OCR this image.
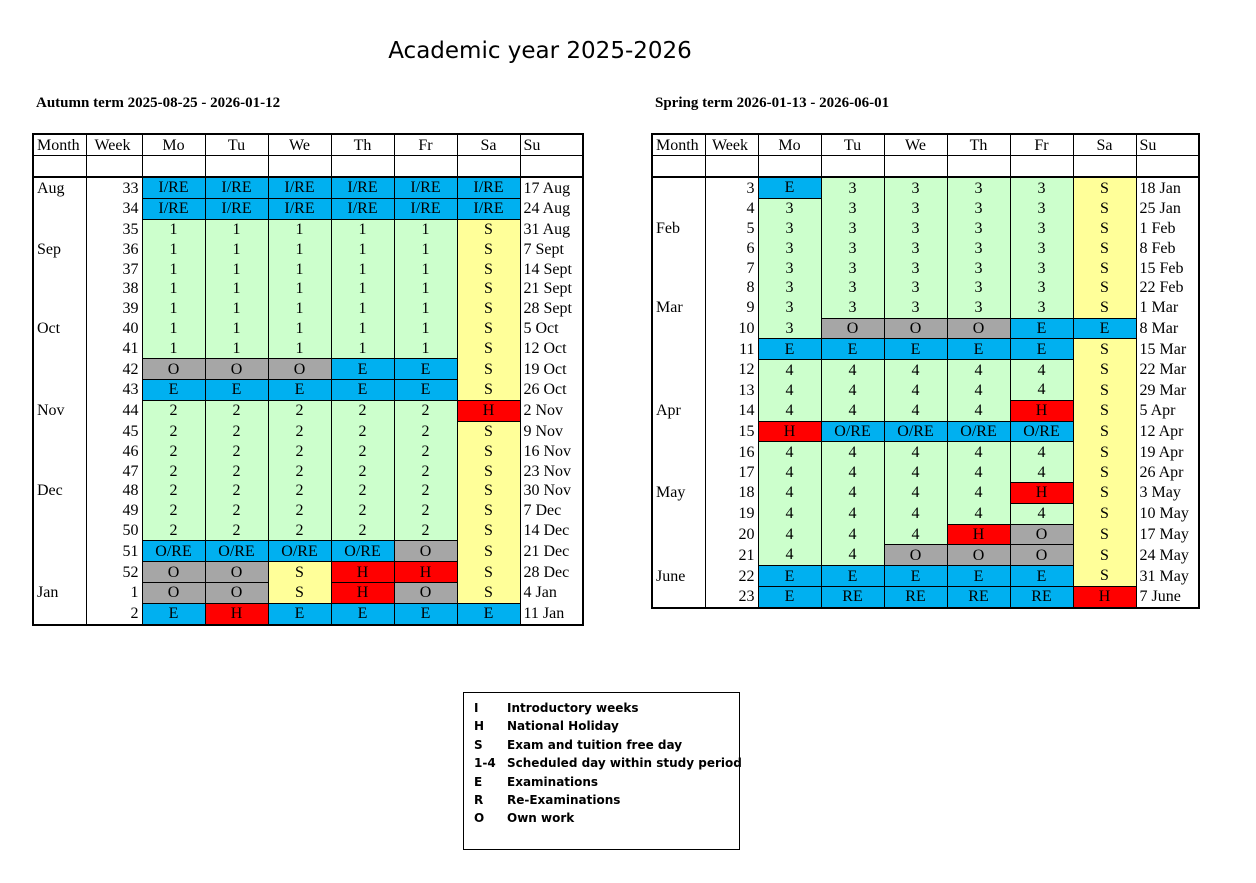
Academic year 2025-2026
Autumn term 2025-08-25 - 2026-01-12	Spring term 2026-01-13 - 2026-06-01
Month	Week	Mo	Tu	We	Th	Fr	Sa	Su

Aug	33	I/RE	I/RE	I/RE	I/RE	I/RE	I/RE	17 Aug
	34	I/RE	I/RE	I/RE	I/RE	I/RE	I/RE	24 Aug
	35	1	1	1	1	1	S	31 Aug
Sep	36	1	1	1	1	1	S	7 Sept
	37	1	1	1	1	1	S	14 Sept
	38	1	1	1	1	1	S	21 Sept
	39	1	1	1	1	1	S	28 Sept
Oct	40	1	1	1	1	1	S	5 Oct
	41	1	1	1	1	1	S	12 Oct
	42	O	O	O	E	E	S	19 Oct
	43	E	E	E	E	E	S	26 Oct
Nov	44	2	2	2	2	2	H	2 Nov
	45	2	2	2	2	2	S	9 Nov
	46	2	2	2	2	2	S	16 Nov
	47	2	2	2	2	2	S	23 Nov
Dec	48	2	2	2	2	2	S	30 Nov
	49	2	2	2	2	2	S	7 Dec
	50	2	2	2	2	2	S	14 Dec
	51	O/RE	O/RE	O/RE	O/RE	O	S	21 Dec
	52	O	O	S	H	H	S	28 Dec
Jan	1	O	O	S	H	O	S	4 Jan
	2	E	H	E	E	E	E	11 Jan
Month	Week	Mo	Tu	We	Th	Fr	Sa	Su

	3	E	3	3	3	3	S	18 Jan
	4	3	3	3	3	3	S	25 Jan
Feb	5	3	3	3	3	3	S	1 Feb
	6	3	3	3	3	3	S	8 Feb
	7	3	3	3	3	3	S	15 Feb
	8	3	3	3	3	3	S	22 Feb
Mar	9	3	3	3	3	3	S	1 Mar
	10	3	O	O	O	E	E	8 Mar
	11	E	E	E	E	E	S	15 Mar
	12	4	4	4	4	4	S	22 Mar
	13	4	4	4	4	4	S	29 Mar
Apr	14	4	4	4	4	H	S	5 Apr
	15	H	O/RE	O/RE	O/RE	O/RE	S	12 Apr
	16	4	4	4	4	4	S	19 Apr
	17	4	4	4	4	4	S	26 Apr
May	18	4	4	4	4	H	S	3 May
	19	4	4	4	4	4	S	10 May
	20	4	4	4	H	O	S	17 May
	21	4	4	O	O	O	S	24 May
June	22	E	E	E	E	E	S	31 May
	23	E	RE	RE	RE	RE	H	7 June
I Introductory weeks
H National Holiday
S Exam and tuition free day
1-4 Scheduled day within study period
E Examinations
R Re-Examinations
O Own work
